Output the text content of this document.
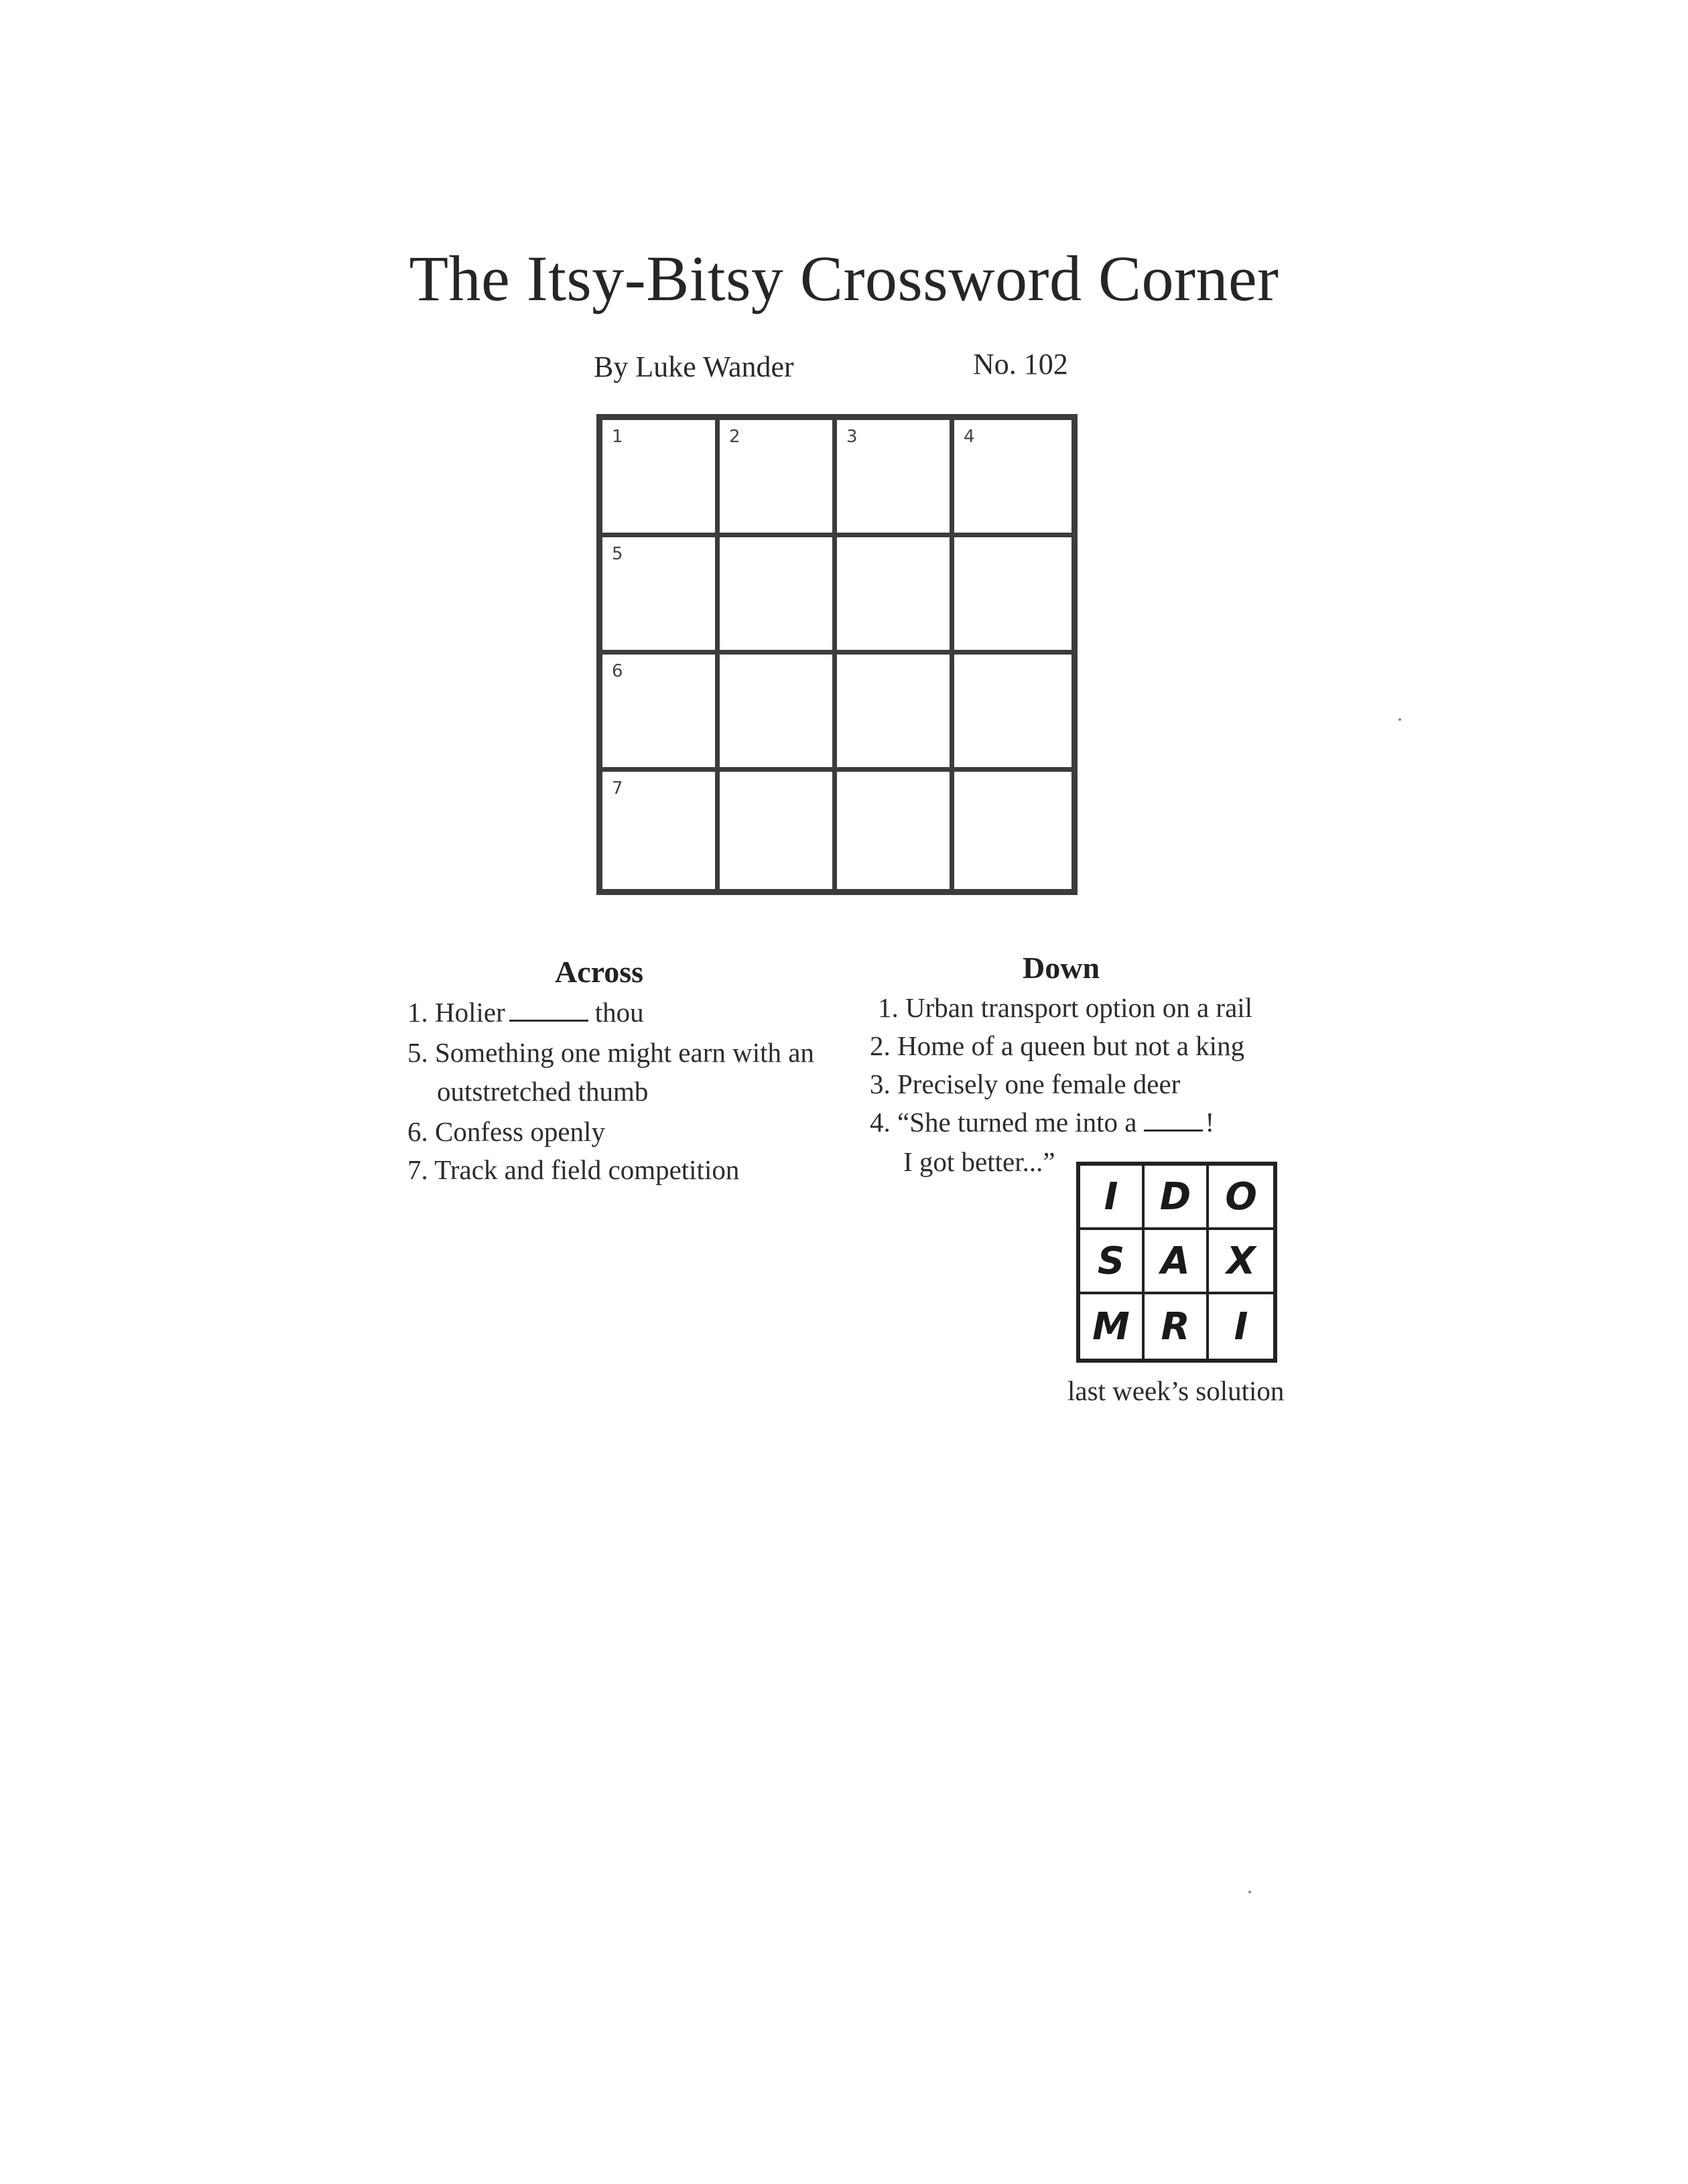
The Itsy-Bitsy Crossword Corner
By Luke Wander	No. 102
1	2	3	4
5
6
7
Across
1. Holier	thou
5. Something one might earn with an
outstretched thumb
6. Confess openly
7. Track and field competition
Down
1. Urban transport option on a rail
2. Home of a queen but not a king
3. Precisely one female deer
4. “She turned me into a !
I got better...”
I	D O
S A X
M R	I
last week’s solution
